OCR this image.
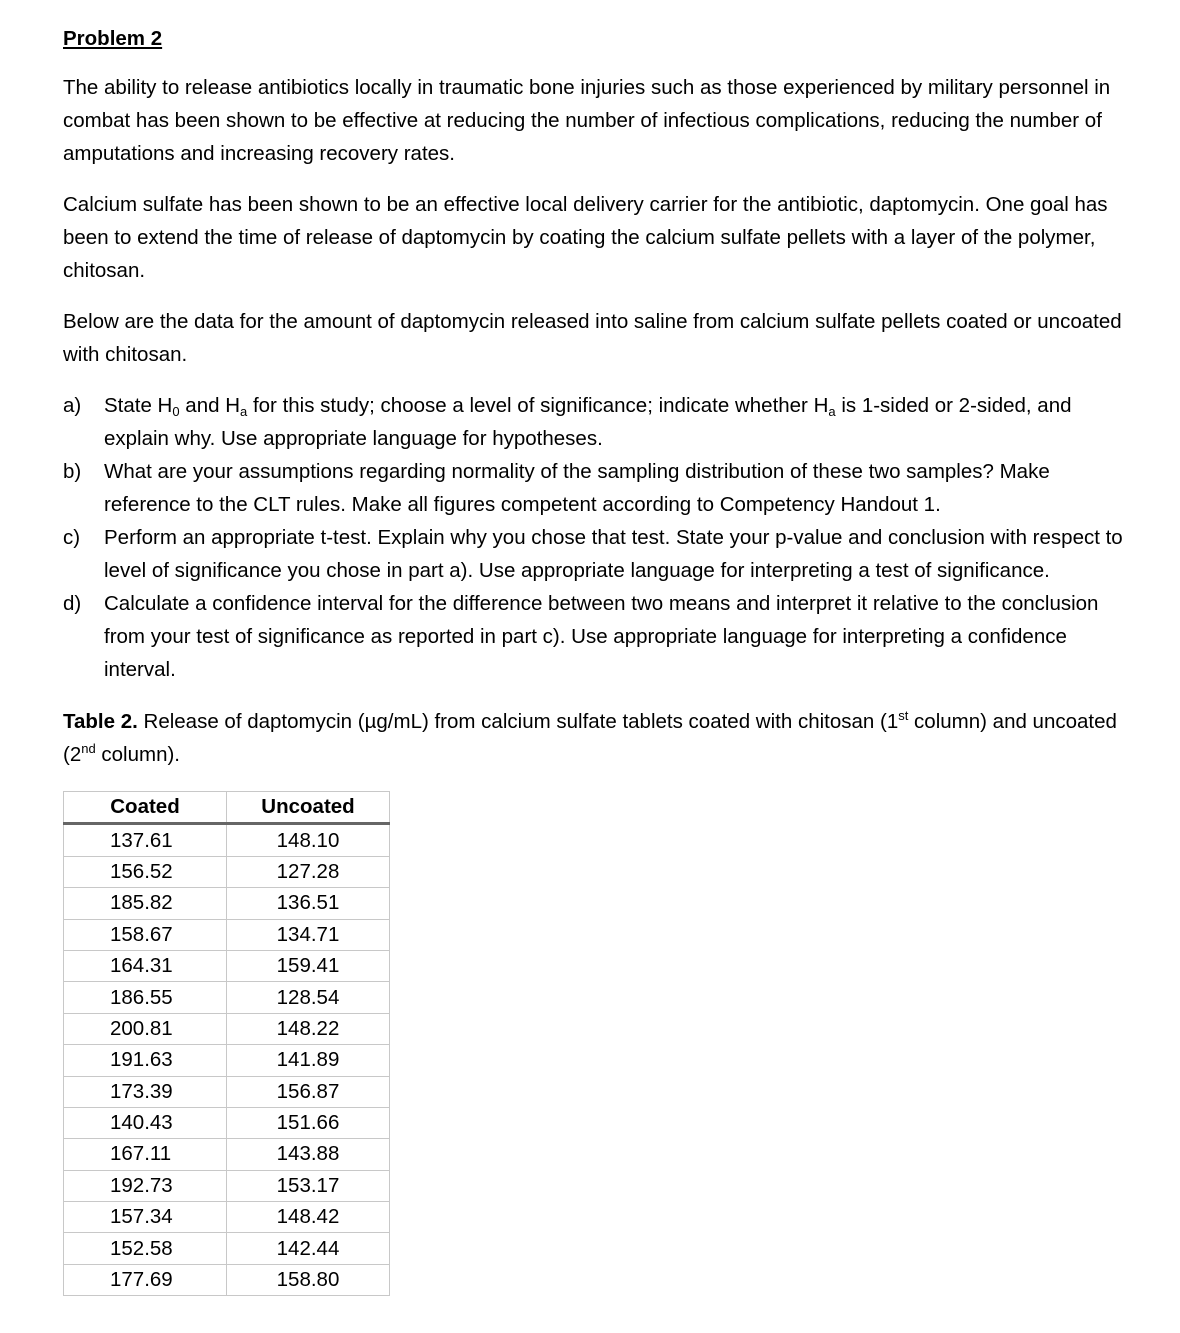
Problem 2

The ability to release antibiotics locally in traumatic bone injuries such as those experienced by military personnel in combat has been shown to be effective at reducing the number of infectious complications, reducing the number of amputations and increasing recovery rates.

Calcium sulfate has been shown to be an effective local delivery carrier for the antibiotic, daptomycin. One goal has been to extend the time of release of daptomycin by coating the calcium sulfate pellets with a layer of the polymer, chitosan.

Below are the data for the amount of daptomycin released into saline from calcium sulfate pellets coated or uncoated with chitosan.

a) State $H_0$ and $H_a$ for this study; choose a level of significance; indicate whether $H_a$ is 1-sided or 2-sided, and explain why. Use appropriate language for hypotheses.
b) What are your assumptions regarding normality of the sampling distribution of these two samples? Make reference to the CLT rules. Make all figures competent according to Competency Handout 1.
c) Perform an appropriate t-test. Explain why you chose that test. State your p-value and conclusion with respect to level of significance you chose in part a). Use appropriate language for interpreting a test of significance.
d) Calculate a confidence interval for the difference between two means and interpret it relative to the conclusion from your test of significance as reported in part c). Use appropriate language for interpreting a confidence interval.

Table 2. Release of daptomycin (µg/mL) from calcium sulfate tablets coated with chitosan (1st column) and uncoated (2nd column).

Coated	Uncoated
137.61	148.10
156.52	127.28
185.82	136.51
158.67	134.71
164.31	159.41
186.55	128.54
200.81	148.22
191.63	141.89
173.39	156.87
140.43	151.66
167.11	143.88
192.73	153.17
157.34	148.42
152.58	142.44
177.69	158.80
